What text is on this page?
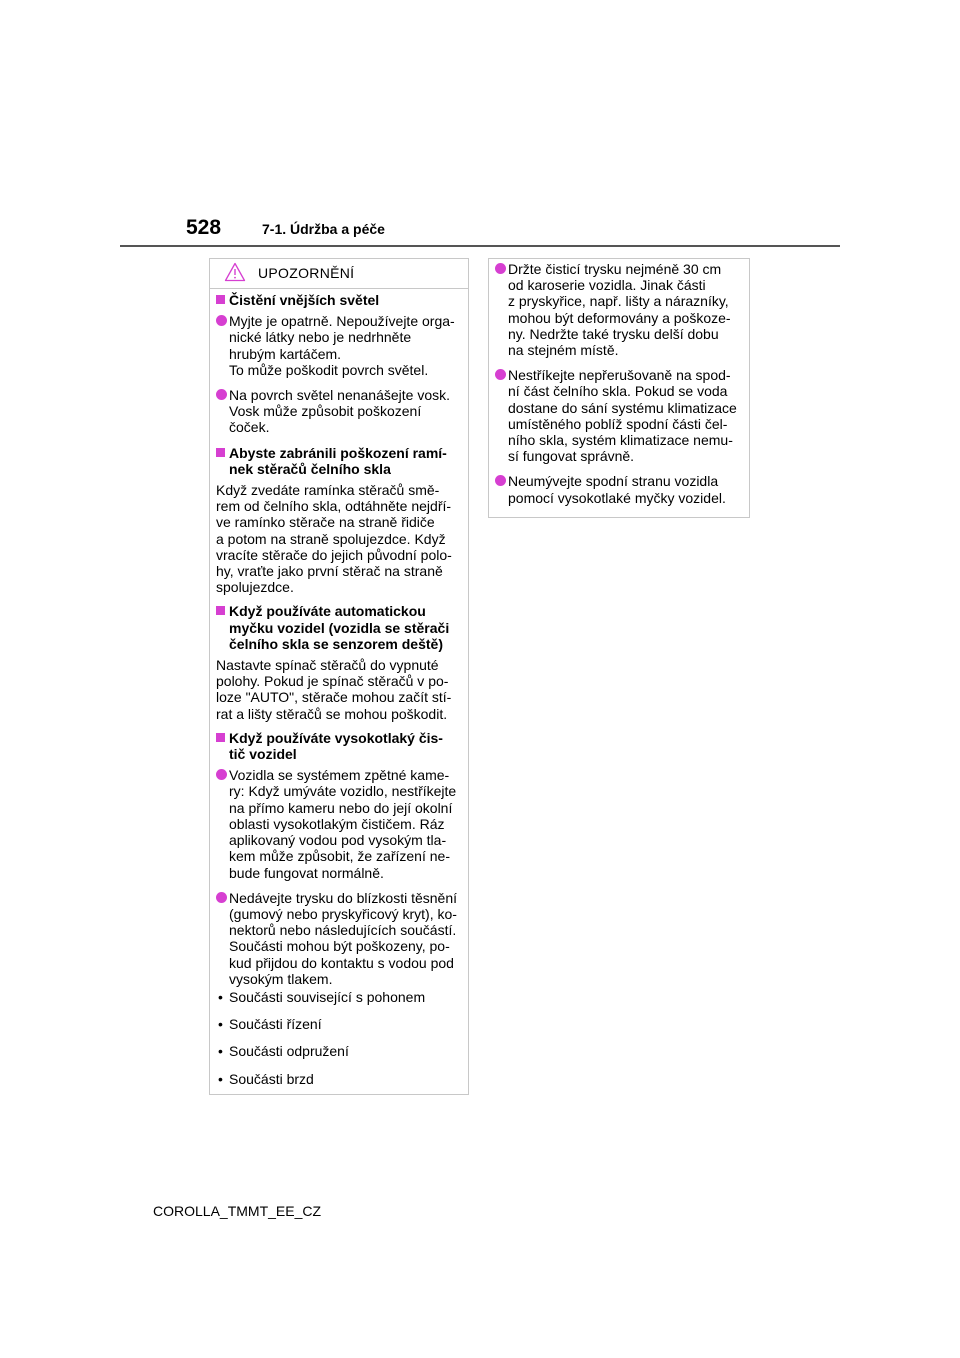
528	7-1. Údržba a péče
UPOZORNĚNÍ
Čistění vnějších světel
Myjte je opatrně. Nepoužívejte orga-
nické látky nebo je nedrhněte
hrubým kartáčem.
To může poškodit povrch světel.
Na povrch světel nenanášejte vosk.
Vosk může způsobit poškození
čoček.
Abyste zabránili poškození ramí-
nek stěračů čelního skla
Když zvedáte ramínka stěračů smě-
rem od čelního skla, odtáhněte nejdří-
ve ramínko stěrače na straně řidiče
a potom na straně spolujezdce. Když
vracíte stěrače do jejich původní polo-
hy, vraťte jako první stěrač na straně
spolujezdce.
Když používáte automatickou
myčku vozidel (vozidla se stěrači
čelního skla se senzorem deště)
Nastavte spínač stěračů do vypnuté
polohy. Pokud je spínač stěračů v po-
loze "AUTO", stěrače mohou začít stí-
rat a lišty stěračů se mohou poškodit.
Když používáte vysokotlaký čis-
tič vozidel
Vozidla se systémem zpětné kame-
ry: Když umýváte vozidlo, nestříkejte
na přímo kameru nebo do její okolní
oblasti vysokotlakým čističem. Ráz
aplikovaný vodou pod vysokým tla-
kem může způsobit, že zařízení ne-
bude fungovat normálně.
Nedávejte trysku do blízkosti těsnění
(gumový nebo pryskyřicový kryt), ko-
nektorů nebo následujících součástí.
Součásti mohou být poškozeny, po-
kud přijdou do kontaktu s vodou pod
vysokým tlakem.
• Součásti související s pohonem
• Součásti řízení
• Součásti odpružení
• Součásti brzd
Držte čisticí trysku nejméně 30 cm
od karoserie vozidla. Jinak části
z pryskyřice, např. lišty a nárazníky,
mohou být deformovány a poškoze-
ny. Nedržte také trysku delší dobu
na stejném místě.
Nestříkejte nepřerušovaně na spod-
ní část čelního skla. Pokud se voda
dostane do sání systému klimatizace
umístěného poblíž spodní části čel-
ního skla, systém klimatizace nemu-
sí fungovat správně.
Neumývejte spodní stranu vozidla
pomocí vysokotlaké myčky vozidel.
COROLLA_TMMT_EE_CZ
